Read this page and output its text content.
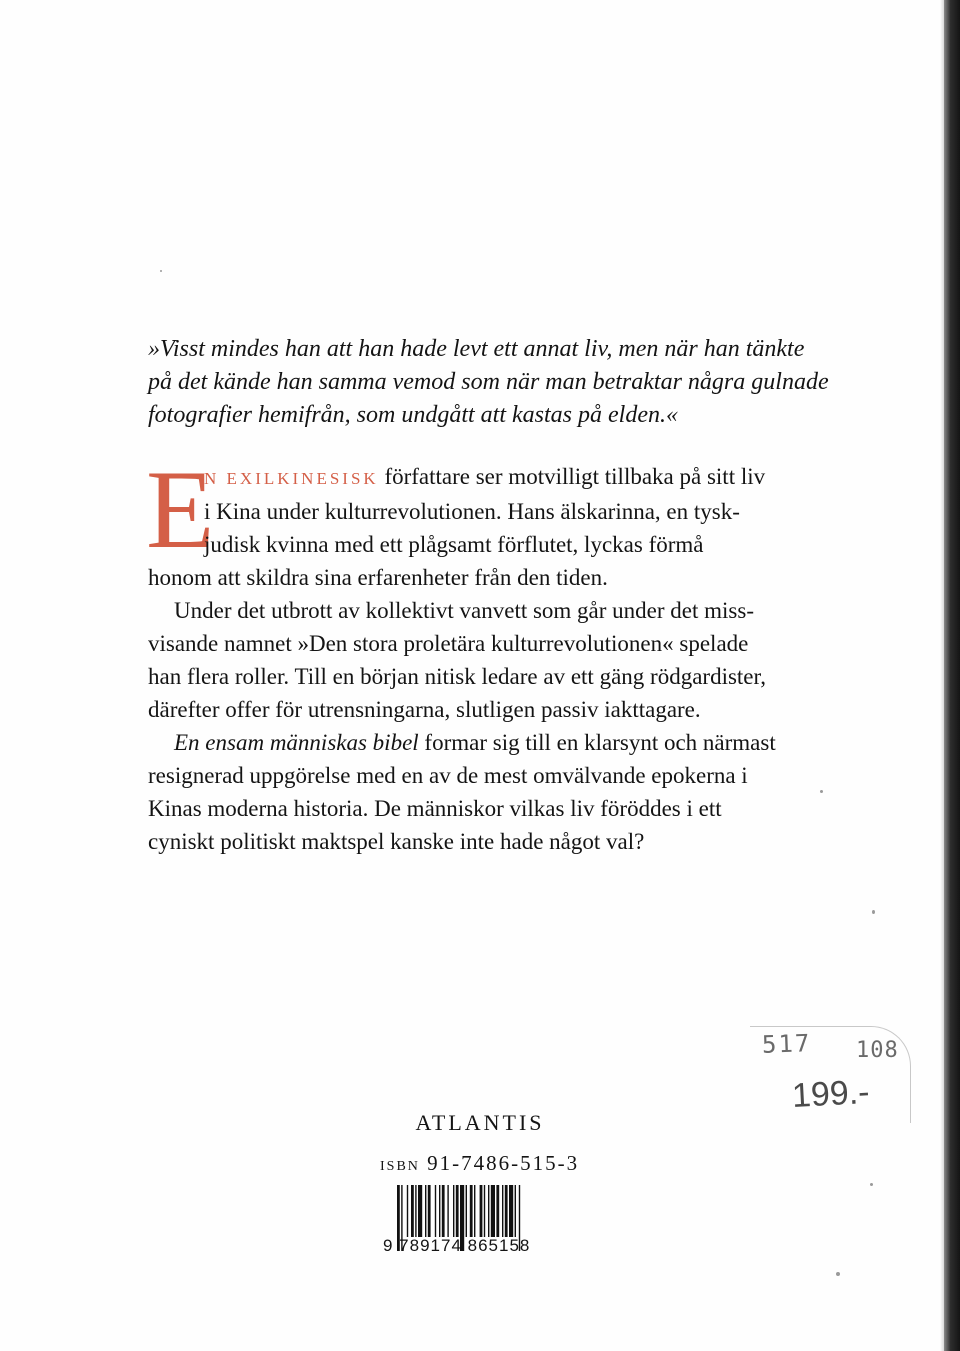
»Visst mindes han att han hade levt ett annat liv, men när han tänkte
på det kände han samma vemod som när man betraktar några gulnade
fotografier hemifrån, som undgått att kastas på elden.«
E
N EXILKINESISK författare ser motvilligt tillbaka på sitt liv
i Kina under kulturrevolutionen. Hans älskarinna, en tysk-
judisk kvinna med ett plågsamt förflutet, lyckas förmå
honom att skildra sina erfarenheter från den tiden.
Under det utbrott av kollektivt vanvett som går under det miss-
visande namnet »Den stora proletära kulturrevolutionen« spelade
han flera roller. Till en början nitisk ledare av ett gäng rödgardister,
därefter offer för utrensningarna, slutligen passiv iakttagare.
En ensam människas bibel formar sig till en klarsynt och närmast
resignerad uppgörelse med en av de mest omvälvande epokerna i
Kinas moderna historia. De människor vilkas liv föröddes i ett
cyniskt politiskt maktspel kanske inte hade något val?
ATLANTIS
ISBN 91-7486-515-3
9 789174 865158
517 108
199.-
